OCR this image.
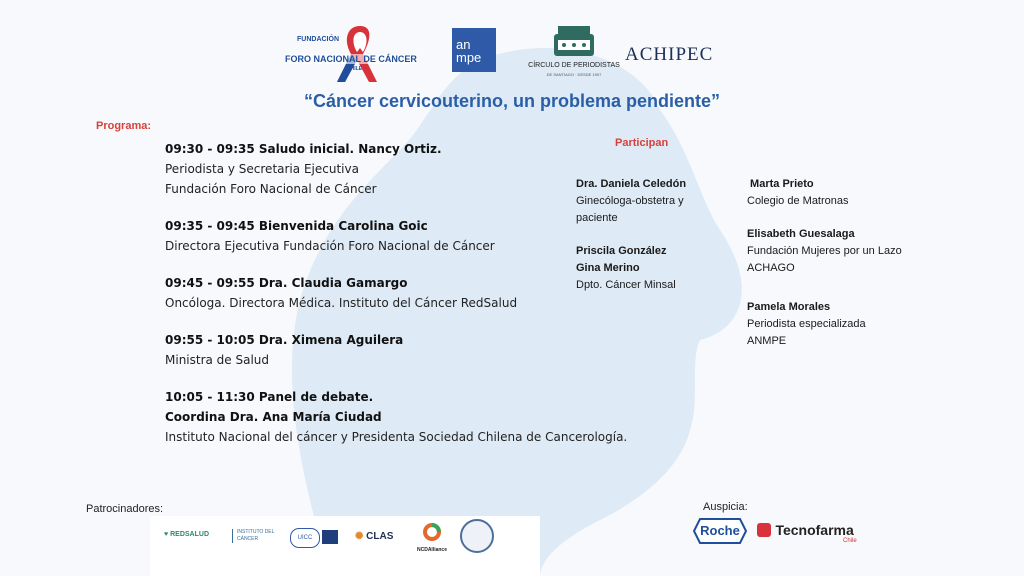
FUNDACIÓN
FORO NACIONAL DE CÁNCER
CHILE
an
mpe
CÍRCULO DE PERIODISTAS
DE SANTIAGO · DESDE 1907
ACHIPEC
“Cáncer cervicouterino, un problema pendiente”
Programa:
09:30 - 09:35 Saludo inicial. Nancy Ortiz.
Periodista y Secretaria Ejecutiva
Fundación Foro Nacional de Cáncer
09:35 - 09:45 Bienvenida Carolina Goic
Directora Ejecutiva Fundación Foro Nacional de Cáncer
09:45 - 09:55 Dra. Claudia Gamargo
Oncóloga. Directora Médica. Instituto del Cáncer RedSalud
09:55 - 10:05 Dra. Ximena Aguilera
Ministra de Salud
10:05 - 11:30 Panel de debate.
Coordina Dra. Ana María Ciudad
Instituto Nacional del cáncer y Presidenta Sociedad Chilena de Cancerología.
Participan
Dra. Daniela Celedón
Ginecóloga-obstetra y
paciente
Priscila González
Gina Merino
Dpto. Cáncer Minsal
Marta Prieto
Colegio de Matronas
Elisabeth Guesalaga
Fundación Mujeres por un Lazo
ACHAGO
Pamela Morales
Periodista especializada
ANMPE
Patrocinadores:
♥ REDSALUD	INSTITUTO DEL CÁNCER	UICC	✺ CLAS
NCDAlliance
Auspicia:
Roche	Tecnofarma
Chile
